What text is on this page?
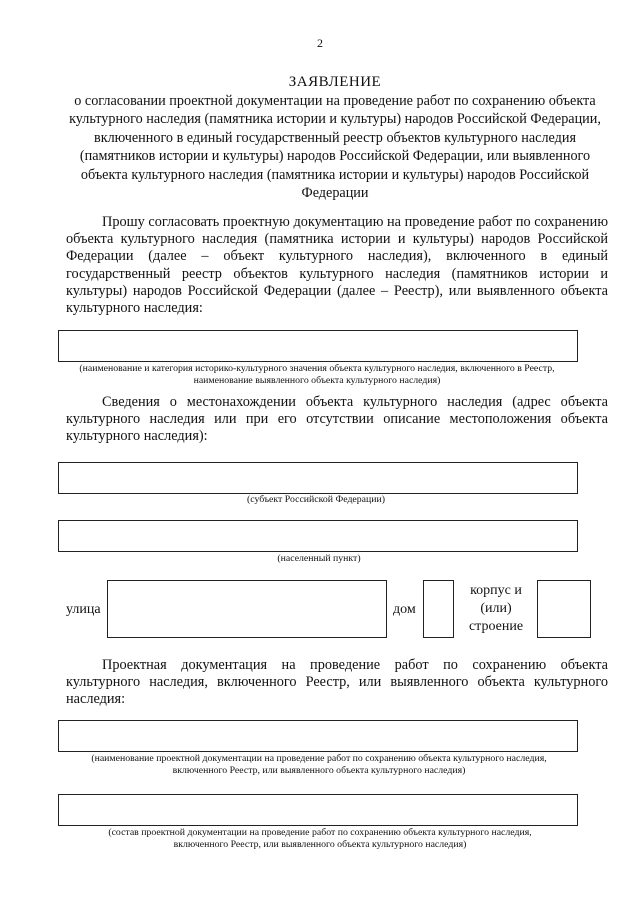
2
ЗАЯВЛЕНИЕ
о согласовании проектной документации на проведение работ по сохранению объекта культурного наследия (памятника истории и культуры) народов Российской Федерации, включенного в единый государственный реестр объектов культурного наследия (памятников истории и культуры) народов Российской Федерации, или выявленного объекта культурного наследия (памятника истории и культуры) народов Российской Федерации
Прошу согласовать проектную документацию на проведение работ по сохранению объекта культурного наследия (памятника истории и культуры) народов Российской Федерации (далее – объект культурного наследия), включенного в единый государственный реестр объектов культурного наследия (памятников истории и культуры) народов Российской Федерации (далее – Реестр), или выявленного объекта культурного наследия:
(наименование и категория историко-культурного значения объекта культурного наследия, включенного в Реестр, наименование выявленного объекта культурного наследия)
Сведения о местонахождении объекта культурного наследия (адрес объекта культурного наследия или при его отсутствии описание местоположения объекта культурного наследия):
(субъект Российской Федерации)
(населенный пункт)
улица	дом
корпус и (или) строение
Проектная документация на проведение работ по сохранению объекта культурного наследия, включенного Реестр, или выявленного объекта культурного наследия:
(наименование проектной документации на проведение работ по сохранению объекта культурного наследия, включенного Реестр, или выявленного объекта культурного наследия)
(состав проектной документации на проведение работ по сохранению объекта культурного наследия, включенного Реестр, или выявленного объекта культурного наследия)
